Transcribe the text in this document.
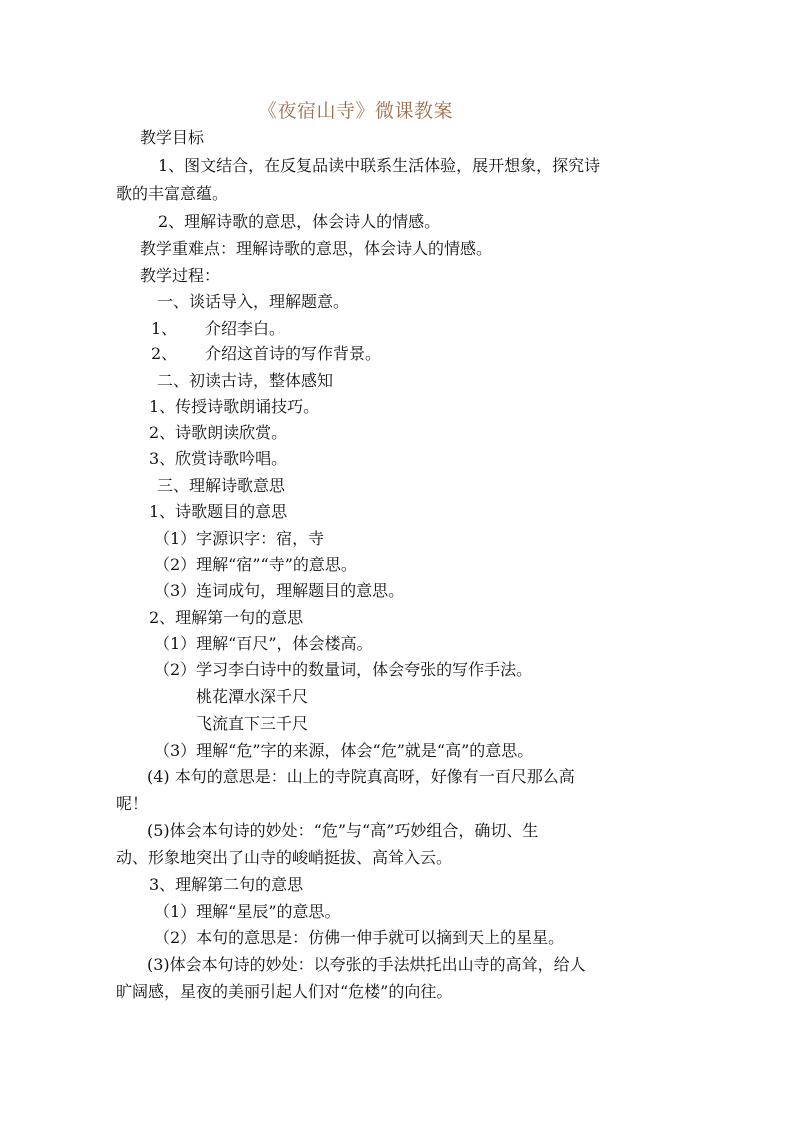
《夜宿山寺》微课教案
教学目标
1、图文结合，在反复品读中联系生活体验，展开想象，探究诗
歌的丰富意蕴。
2、理解诗歌的意思，体会诗人的情感。
教学重难点：理解诗歌的意思，体会诗人的情感。
教学过程：
一、谈话导入，理解题意。
1、 介绍李白。
2、 介绍这首诗的写作背景。
二、初读古诗，整体感知
1、传授诗歌朗诵技巧。
2、诗歌朗读欣赏。
3、欣赏诗歌吟唱。
三、理解诗歌意思
1、诗歌题目的意思
（1）字源识字：宿，寺
（2）理解“宿”“寺”的意思。
（3）连词成句，理解题目的意思。
2、理解第一句的意思
（1）理解“百尺”，体会楼高。
（2）学习李白诗中的数量词，体会夸张的写作手法。
桃花潭水深千尺
飞流直下三千尺
（3）理解“危”字的来源，体会“危”就是“高”的意思。
(4) 本句的意思是：山上的寺院真高呀，好像有一百尺那么高
呢！
(5)体会本句诗的妙处：“危”与“高”巧妙组合，确切、生
动、形象地突出了山寺的峻峭挺拔、高耸入云。
3、理解第二句的意思
（1）理解“星辰”的意思。
（2）本句的意思是：仿佛一伸手就可以摘到天上的星星。
(3)体会本句诗的妙处：以夸张的手法烘托出山寺的高耸，给人
旷阔感，星夜的美丽引起人们对“危楼”的向往。
